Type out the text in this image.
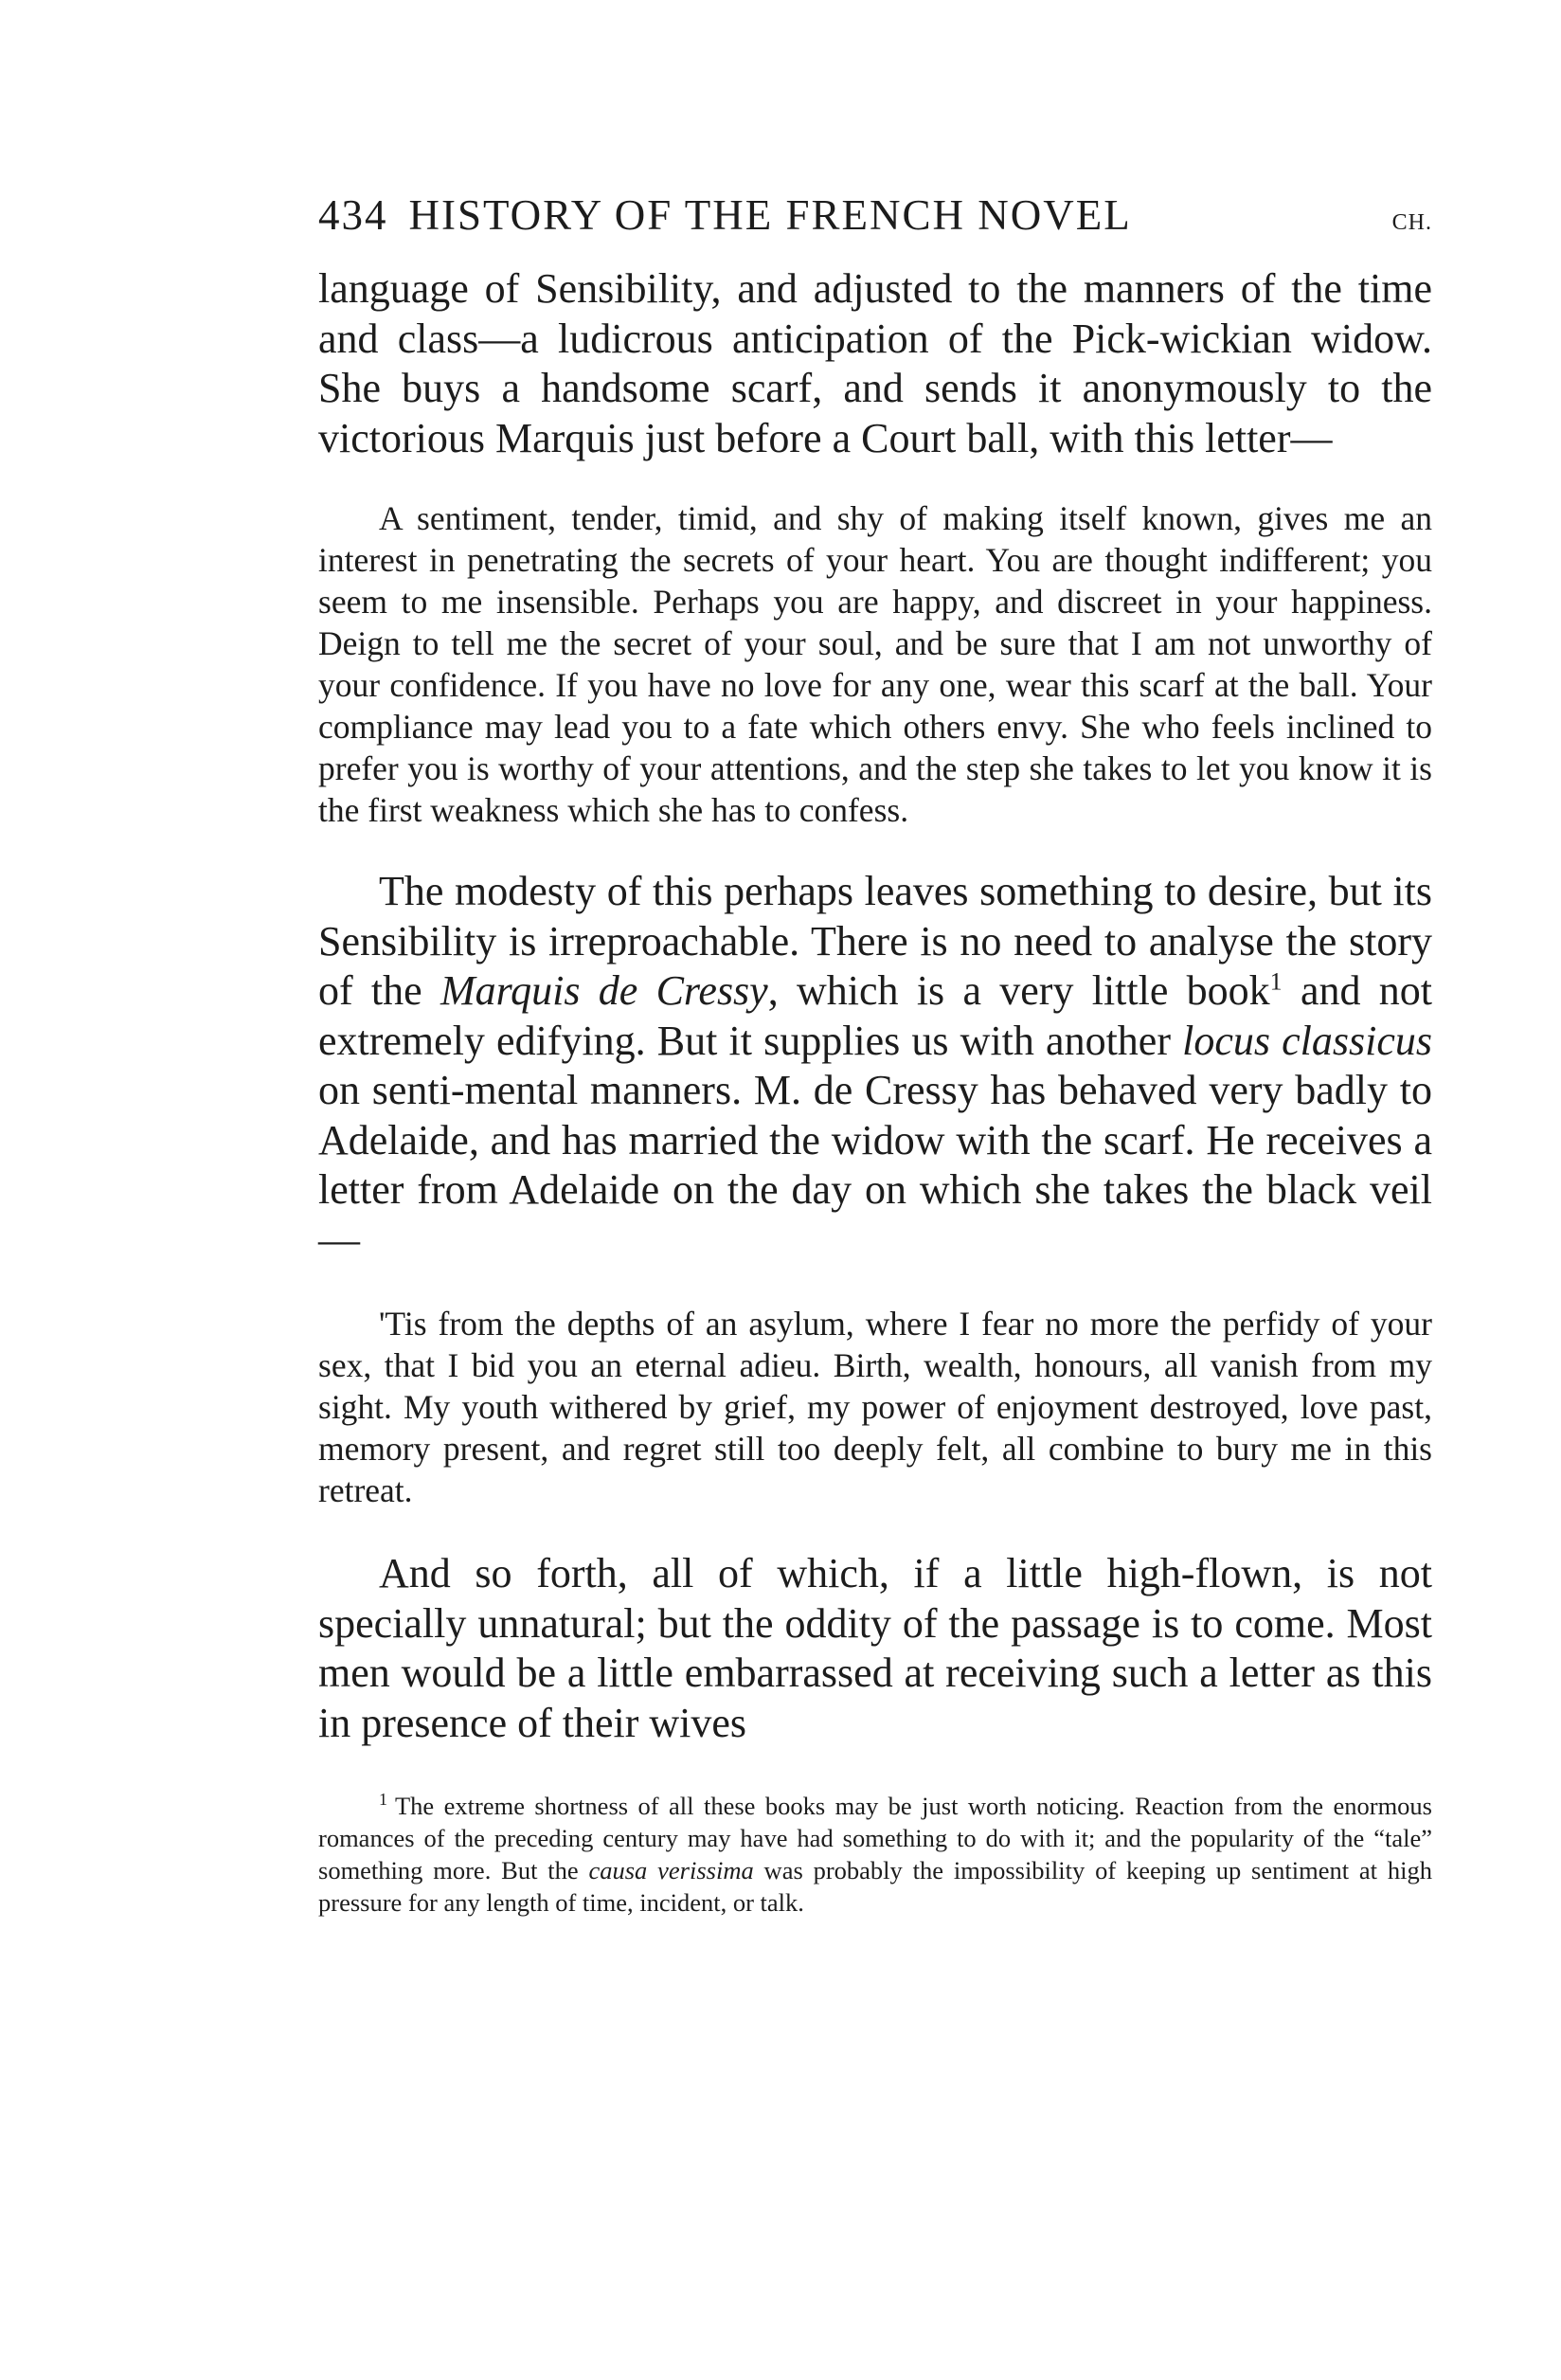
434 HISTORY OF THE FRENCH NOVEL	CH.

language of Sensibility, and adjusted to the manners of the time and class—a ludicrous anticipation of the Pick-wickian widow. She buys a handsome scarf, and sends it anonymously to the victorious Marquis just before a Court ball, with this letter—

A sentiment, tender, timid, and shy of making itself known, gives me an interest in penetrating the secrets of your heart. You are thought indifferent; you seem to me insensible. Perhaps you are happy, and discreet in your happiness. Deign to tell me the secret of your soul, and be sure that I am not unworthy of your confidence. If you have no love for any one, wear this scarf at the ball. Your compliance may lead you to a fate which others envy. She who feels inclined to prefer you is worthy of your attentions, and the step she takes to let you know it is the first weakness which she has to confess.

The modesty of this perhaps leaves something to desire, but its Sensibility is irreproachable. There is no need to analyse the story of the Marquis de Cressy, which is a very little book$^1$ and not extremely edifying. But it supplies us with another locus classicus on senti-mental manners. M. de Cressy has behaved very badly to Adelaide, and has married the widow with the scarf. He receives a letter from Adelaide on the day on which she takes the black veil—

'Tis from the depths of an asylum, where I fear no more the perfidy of your sex, that I bid you an eternal adieu. Birth, wealth, honours, all vanish from my sight. My youth withered by grief, my power of enjoyment destroyed, love past, memory present, and regret still too deeply felt, all combine to bury me in this retreat.

And so forth, all of which, if a little high-flown, is not specially unnatural; but the oddity of the passage is to come. Most men would be a little embarrassed at receiving such a letter as this in presence of their wives

$^1$ The extreme shortness of all these books may be just worth noticing. Reaction from the enormous romances of the preceding century may have had something to do with it; and the popularity of the “tale” something more. But the causa verissima was probably the impossibility of keeping up sentiment at high pressure for any length of time, incident, or talk.
